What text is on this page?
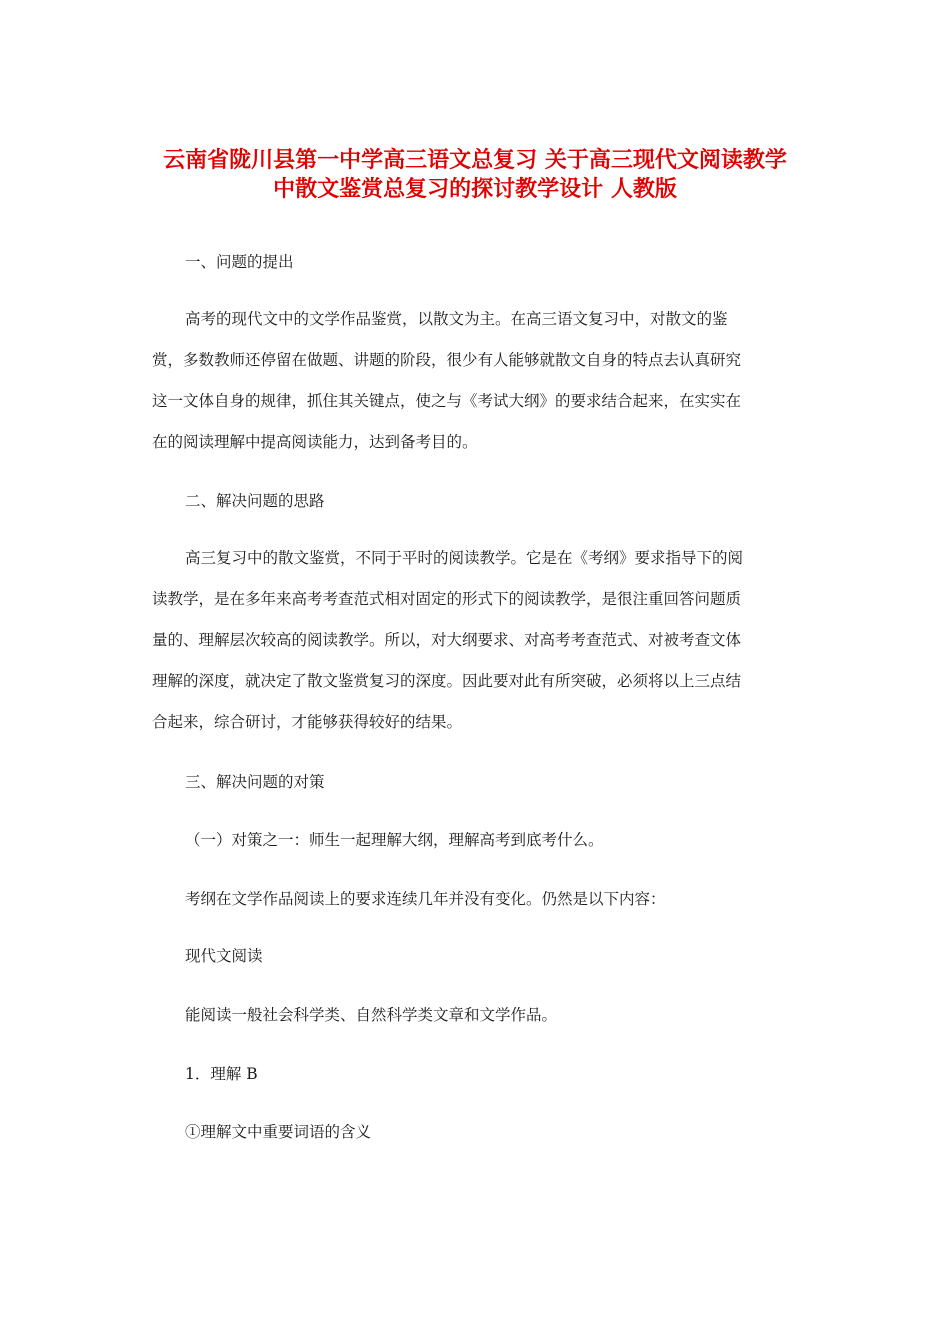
云南省陇川县第一中学高三语文总复习 关于高三现代文阅读教学
中散文鉴赏总复习的探讨教学设计 人教版

一、问题的提出

高考的现代文中的文学作品鉴赏，以散文为主。在高三语文复习中，对散文的鉴
赏，多数教师还停留在做题、讲题的阶段，很少有人能够就散文自身的特点去认真研究
这一文体自身的规律，抓住其关键点，使之与《考试大纲》的要求结合起来，在实实在
在的阅读理解中提高阅读能力，达到备考目的。

二、解决问题的思路

高三复习中的散文鉴赏，不同于平时的阅读教学。它是在《考纲》要求指导下的阅
读教学，是在多年来高考考查范式相对固定的形式下的阅读教学，是很注重回答问题质
量的、理解层次较高的阅读教学。所以，对大纲要求、对高考考查范式、对被考查文体
理解的深度，就决定了散文鉴赏复习的深度。因此要对此有所突破，必须将以上三点结
合起来，综合研讨，才能够获得较好的结果。

三、解决问题的对策

（一）对策之一：师生一起理解大纲，理解高考到底考什么。

考纲在文学作品阅读上的要求连续几年并没有变化。仍然是以下内容：

现代文阅读

能阅读一般社会科学类、自然科学类文章和文学作品。

1．理解 B

①理解文中重要词语的含义
